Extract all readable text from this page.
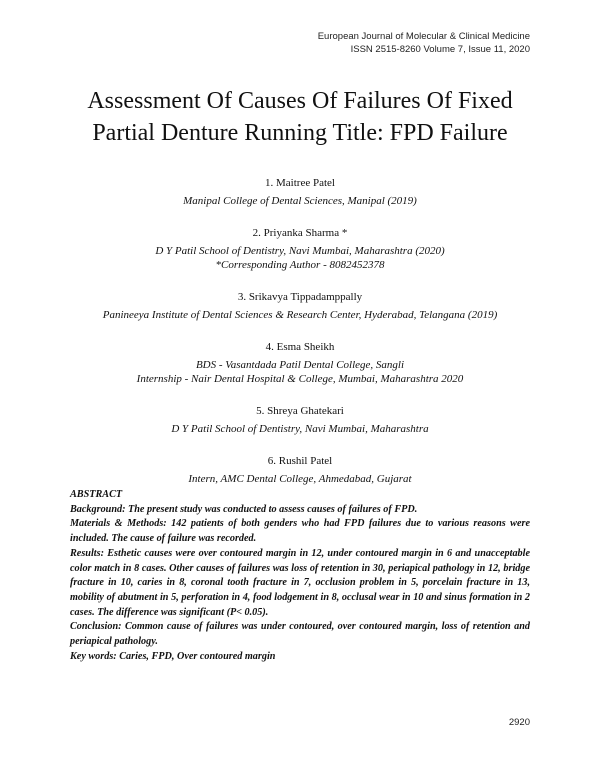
European Journal of Molecular & Clinical Medicine
ISSN 2515-8260 Volume 7, Issue 11, 2020
Assessment Of Causes Of Failures Of Fixed
Partial Denture Running Title: FPD Failure
1. Maitree Patel
Manipal College of Dental Sciences, Manipal (2019)
2. Priyanka Sharma *
D Y Patil School of Dentistry, Navi Mumbai, Maharashtra (2020)
*Corresponding Author - 8082452378
3. Srikavya Tippadamppally
Panineeya Institute of Dental Sciences & Research Center, Hyderabad, Telangana (2019)
4. Esma Sheikh
BDS - Vasantdada Patil Dental College, Sangli
Internship - Nair Dental Hospital & College, Mumbai, Maharashtra 2020
5. Shreya Ghatekari
D Y Patil School of Dentistry, Navi Mumbai, Maharashtra
6. Rushil Patel
Intern, AMC Dental College, Ahmedabad, Gujarat

ABSTRACT

Background: The present study was conducted to assess causes of failures of FPD.

Materials & Methods: 142 patients of both genders who had FPD failures due to various reasons were included. The cause of failure was recorded.

Results: Esthetic causes were over contoured margin in 12, under contoured margin in 6 and unacceptable color match in 8 cases. Other causes of failures was loss of retention in 30, periapical pathology in 12, bridge fracture in 10, caries in 8, coronal tooth fracture in 7, occlusion problem in 5, porcelain fracture in 13, mobility of abutment in 5, perforation in 4, food lodgement in 8, occlusal wear in 10 and sinus formation in 2 cases. The difference was significant (P< 0.05).

Conclusion: Common cause of failures was under contoured, over contoured margin, loss of retention and periapical pathology.

Key words: Caries, FPD, Over contoured margin

2920
